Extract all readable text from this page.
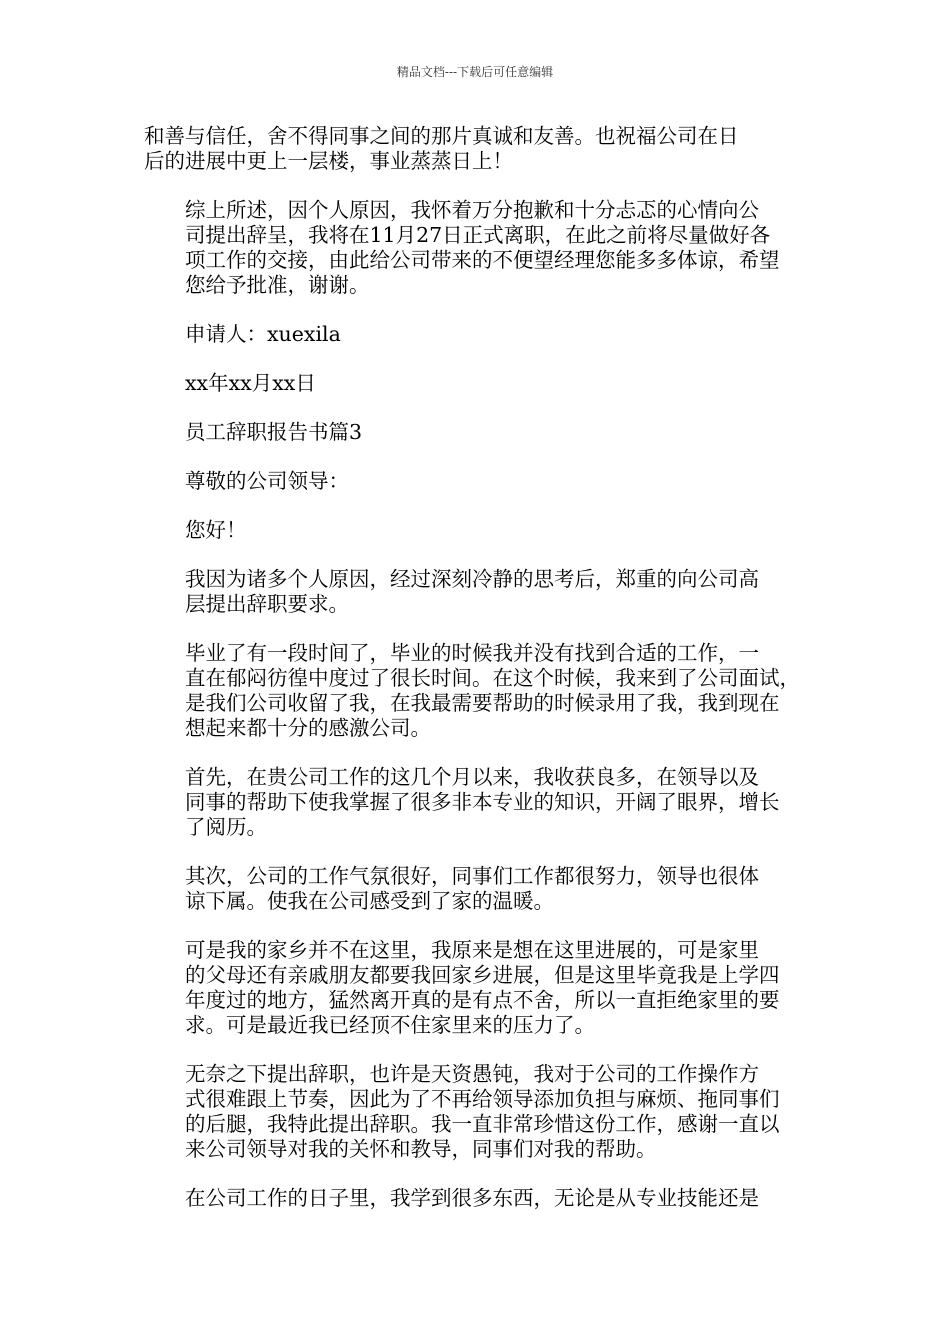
精品文档---下载后可任意编辑

和善与信任，舍不得同事之间的那片真诚和友善。也祝福公司在日
后的进展中更上一层楼，事业蒸蒸日上！

综上所述，因个人原因，我怀着万分抱歉和十分忐忑的心情向公
司提出辞呈，我将在11月27日正式离职，在此之前将尽量做好各
项工作的交接，由此给公司带来的不便望经理您能多多体谅，希望
您给予批准，谢谢。

申请人：xuexila

xx年xx月xx日

员工辞职报告书篇3

尊敬的公司领导：

您好！

我因为诸多个人原因，经过深刻冷静的思考后，郑重的向公司高
层提出辞职要求。

毕业了有一段时间了，毕业的时候我并没有找到合适的工作，一
直在郁闷彷徨中度过了很长时间。在这个时候，我来到了公司面试，
是我们公司收留了我，在我最需要帮助的时候录用了我，我到现在
想起来都十分的感激公司。

首先，在贵公司工作的这几个月以来，我收获良多，在领导以及
同事的帮助下使我掌握了很多非本专业的知识，开阔了眼界，增长
了阅历。

其次，公司的工作气氛很好，同事们工作都很努力，领导也很体
谅下属。使我在公司感受到了家的温暖。

可是我的家乡并不在这里，我原来是想在这里进展的，可是家里
的父母还有亲戚朋友都要我回家乡进展，但是这里毕竟我是上学四
年度过的地方，猛然离开真的是有点不舍，所以一直拒绝家里的要
求。可是最近我已经顶不住家里来的压力了。

无奈之下提出辞职，也许是天资愚钝，我对于公司的工作操作方
式很难跟上节奏，因此为了不再给领导添加负担与麻烦、拖同事们
的后腿，我特此提出辞职。我一直非常珍惜这份工作，感谢一直以
来公司领导对我的关怀和教导，同事们对我的帮助。

在公司工作的日子里，我学到很多东西，无论是从专业技能还是
